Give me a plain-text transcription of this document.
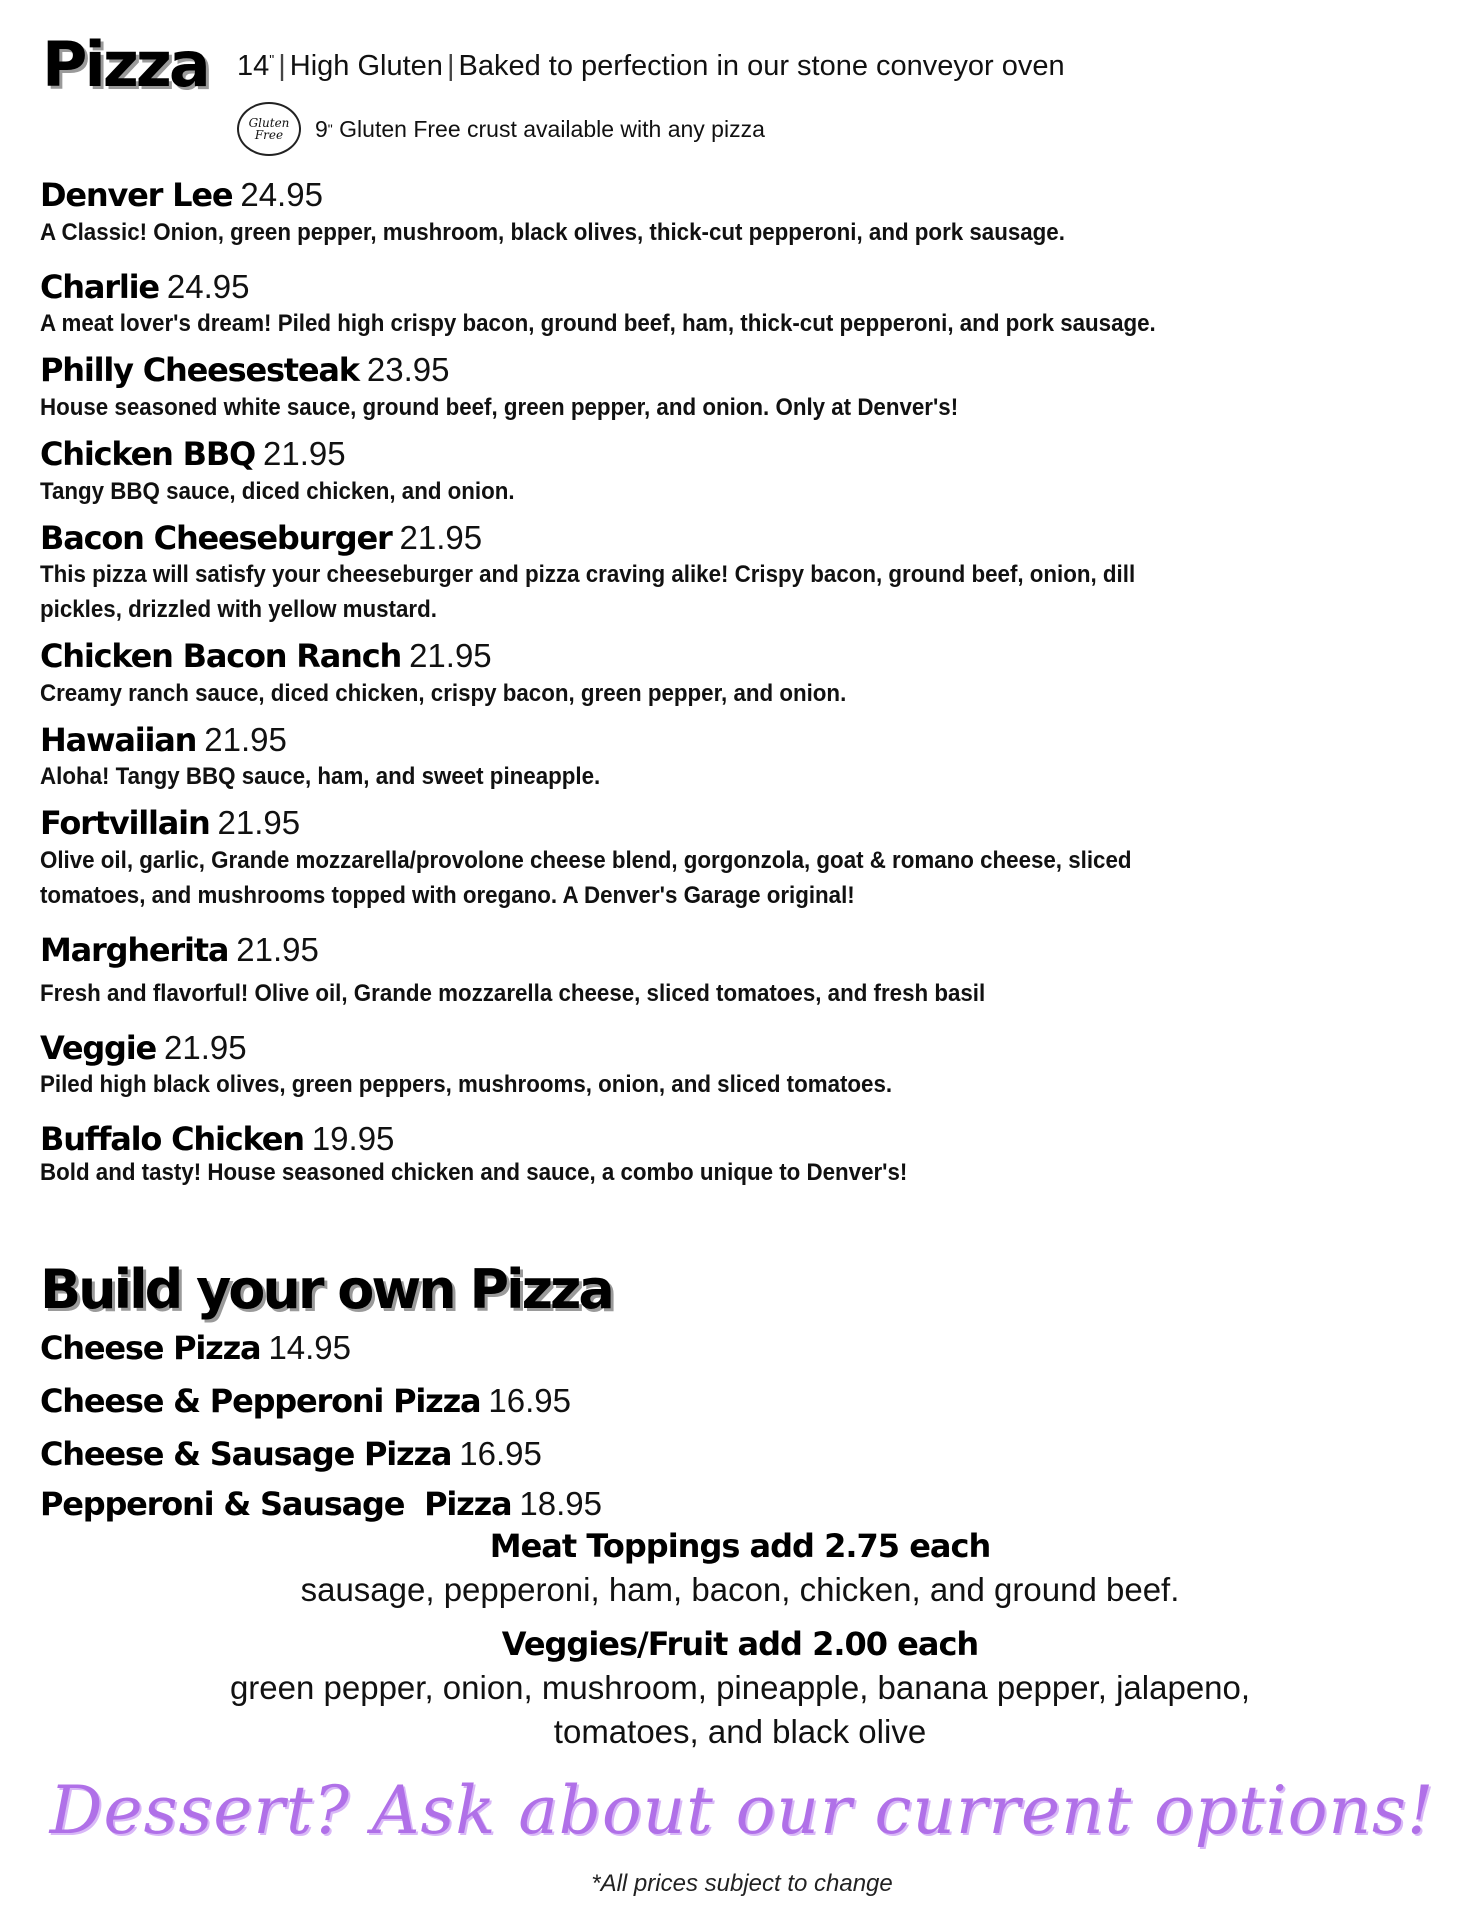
Pizza 14" | High Gluten | Baked to perfection in our stone conveyor oven
Gluten
Free 9 "
Gluten Free crust available with any pizza
Denver Lee 24.95
A Classic! Onion, green pepper, mushroom, black olives, thick-cut pepperoni, and pork sausage.
Charlie 24.95
A meat lover's dream! Piled high crispy bacon, ground beef, ham, thick-cut pepperoni, and pork sausage.
Philly Cheesesteak 23.95
House seasoned white sauce, ground beef, green pepper, and onion. Only at Denver's!
Chicken BBQ 21.95
Tangy BBQ sauce, diced chicken, and onion.
Bacon Cheeseburger 21.95
This pizza will satisfy your cheeseburger and pizza craving alike! Crispy bacon, ground beef, onion, dill pickles, drizzled with yellow mustard.
Chicken Bacon Ranch 21.95
Creamy ranch sauce, diced chicken, crispy bacon, green pepper, and onion.
Hawaiian 21.95
Aloha! Tangy BBQ sauce, ham, and sweet pineapple.
Fortvillain 21.95
Olive oil, garlic, Grande mozzarella/provolone cheese blend, gorgonzola, goat & romano cheese, sliced tomatoes, and mushrooms topped with oregano. A Denver's Garage original!
Margherita 21.95
Fresh and flavorful! Olive oil, Grande mozzarella cheese, sliced tomatoes, and fresh basil
Veggie 21.95
Piled high black olives, green peppers, mushrooms, onion, and sliced tomatoes.
Buffalo Chicken 19.95
Bold and tasty! House seasoned chicken and sauce, a combo unique to Denver's!
Build your own Pizza
Cheese Pizza 14.95
Cheese & Pepperoni Pizza 16.95
Cheese & Sausage Pizza 16.95
Pepperoni & Sausage  Pizza 18.95
Meat Toppings add 2.75 each
sausage, pepperoni, ham, bacon, chicken, and ground beef.
Veggies/Fruit add 2.00 each
green pepper, onion, mushroom, pineapple, banana pepper, jalapeno,
tomatoes, and black olive
Dessert? Ask about our current options!
*All prices subject to change
